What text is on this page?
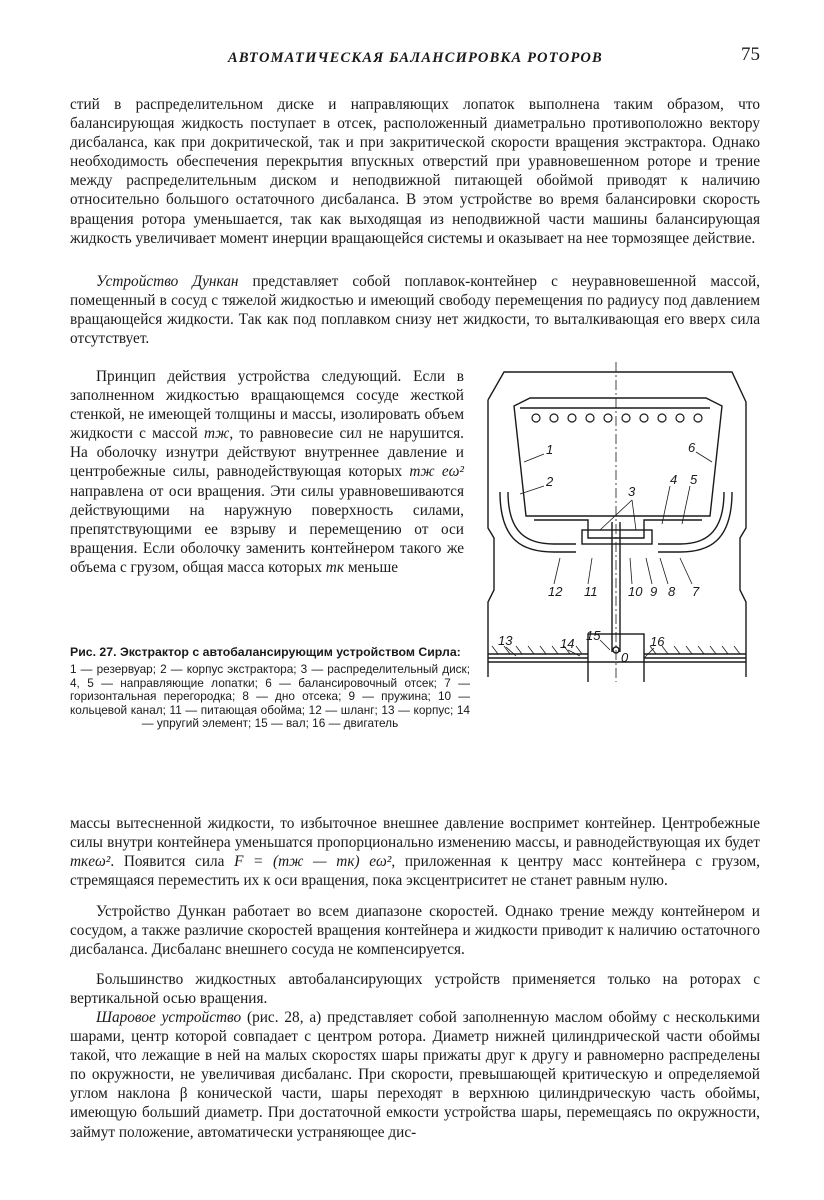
АВТОМАТИЧЕСКАЯ БАЛАНСИРОВКА РОТОРОВ	75

стий в распределительном диске и направляющих лопаток выполнена таким образом, что балансирующая жидкость поступает в отсек, расположенный диаметрально противоположно вектору дисбаланса, как при докритической, так и при закритической скорости вращения экстрактора. Однако необходимость обеспечения перекрытия впускных отверстий при уравновешенном роторе и трение между распределительным диском и неподвижной питающей обоймой приводят к наличию относительно большого остаточного дисбаланса. В этом устройстве во время балансировки скорость вращения ротора уменьшается, так как выходящая из неподвижной части машины балансирующая жидкость увеличивает момент инерции вращающейся системы и оказывает на нее тормозящее действие.

Устройство Дункан представляет собой поплавок-контейнер с неуравновешенной массой, помещенный в сосуд с тяжелой жидкостью и имеющий свободу перемещения по радиусу под давлением вращающейся жидкости. Так как под поплавком снизу нет жидкости, то выталкивающая его вверх сила отсутствует.

Принцип действия устройства следующий. Если в заполненном жидкостью вращающемся сосуде жесткой стенкой, не имеющей толщины и массы, изолировать объем жидкости с массой mж, то равновесие сил не нарушится. На оболочку изнутри действуют внутреннее давление и центробежные силы, равнодействующая которых mж eω² направлена от оси вращения. Эти силы уравновешиваются действующими на наружную поверхность силами, препятствующими ее взрыву и перемещению от оси вращения. Если оболочку заменить контейнером такого же объема с грузом, общая масса которых mк меньше

1
2
3
4 5
6
7
8
9
10
11
12
13	14
15	16
0
Рис. 27. Экстрактор с автобалансирующим устройством Сирла:
1 — резервуар; 2 — корпус экстрактора; 3 — распределительный диск; 4, 5 — направляющие лопатки; 6 — балансировочный отсек; 7 — горизонтальная перегородка; 8 — дно отсека; 9 — пружина; 10 — кольцевой канал; 11 — питающая обойма; 12 — шланг; 13 — корпус; 14 — упругий элемент; 15 — вал; 16 — двигатель

массы вытесненной жидкости, то избыточное внешнее давление воспримет контейнер. Центробежные силы внутри контейнера уменьшатся пропорционально изменению массы, и равнодействующая их будет mкeω². Появится сила F = (mж — mк) eω², приложенная к центру масс контейнера с грузом, стремящаяся переместить их к оси вращения, пока эксцентриситет не станет равным нулю.

Устройство Дункан работает во всем диапазоне скоростей. Однако трение между контейнером и сосудом, а также различие скоростей вращения контейнера и жидкости приводит к наличию остаточного дисбаланса. Дисбаланс внешнего сосуда не компенсируется.

Большинство жидкостных автобалансирующих устройств применяется только на роторах с вертикальной осью вращения.

Шаровое устройство (рис. 28, а) представляет собой заполненную маслом обойму с несколькими шарами, центр которой совпадает с центром ротора. Диаметр нижней цилиндрической части обоймы такой, что лежащие в ней на малых скоростях шары прижаты друг к другу и равномерно распределены по окружности, не увеличивая дисбаланс. При скорости, превышающей критическую и определяемой углом наклона β конической части, шары переходят в верхнюю цилиндрическую часть обоймы, имеющую больший диаметр. При достаточной емкости устройства шары, перемещаясь по окружности, займут положение, автоматически устраняющее дис-
